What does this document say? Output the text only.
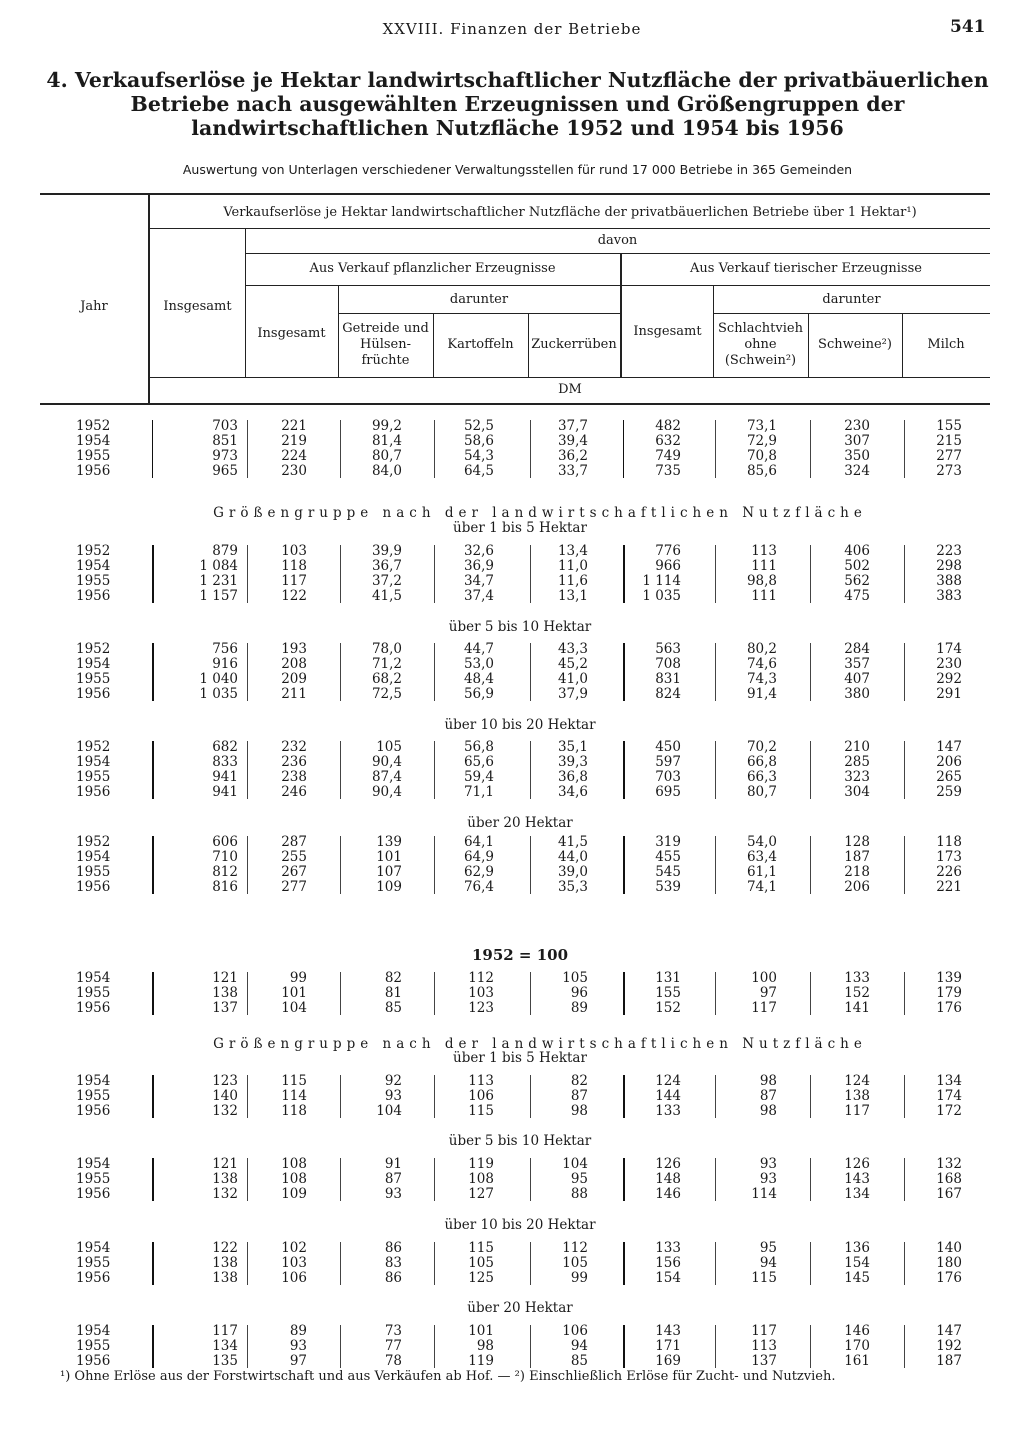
XXVIII. Finanzen der Betriebe	541
4. Verkaufserlöse je Hektar landwirtschaftlicher Nutzfläche der privatbäuerlichen Betriebe nach ausgewählten Erzeugnissen und Größengruppen der landwirtschaftlichen Nutzfläche 1952 und 1954 bis 1956
Auswertung von Unterlagen verschiedener Verwaltungsstellen für rund 17 000 Betriebe in 365 Gemeinden
Verkaufserlöse je Hektar landwirtschaftlicher Nutzfläche der privatbäuerlichen Betriebe über 1 Hektar¹)
Jahr	Insgesamt
davon
Aus Verkauf pflanzlicher Erzeugnisse	Aus Verkauf tierischer Erzeugnisse
darunter	darunter
Insgesamt	Getreide und Hülsen-früchte
Kartoffeln	Zuckerrüben
Insgesamt	Schlachtvieh ohne (Schwein²)
Schweine²)	Milch
DM
1952	703	221	99,2	52,5	37,7	482	73,1	230	155
1954	851	219	81,4	58,6	39,4	632	72,9	307	215
1955	973	224	80,7	54,3	36,2	749	70,8	350	277
1956	965	230	84,0	64,5	33,7	735	85,6	324	273
Größengruppe nach der landwirtschaftlichen Nutzfläche
über 1 bis 5 Hektar
1952	879	103	39,9	32,6	13,4	776	113	406	223
1954	1 084	118	36,7	36,9	11,0	966	111	502	298
1955	1 231	117	37,2	34,7	11,6	1 114	98,8	562	388
1956	1 157	122	41,5	37,4	13,1	1 035	111	475	383
über 5 bis 10 Hektar
1952	756	193	78,0	44,7	43,3	563	80,2	284	174
1954	916	208	71,2	53,0	45,2	708	74,6	357	230
1955	1 040	209	68,2	48,4	41,0	831	74,3	407	292
1956	1 035	211	72,5	56,9	37,9	824	91,4	380	291
über 10 bis 20 Hektar
1952	682	232	105	56,8	35,1	450	70,2	210	147
1954	833	236	90,4	65,6	39,3	597	66,8	285	206
1955	941	238	87,4	59,4	36,8	703	66,3	323	265
1956	941	246	90,4	71,1	34,6	695	80,7	304	259
über 20 Hektar
1952	606	287	139	64,1	41,5	319	54,0	128	118
1954	710	255	101	64,9	44,0	455	63,4	187	173
1955	812	267	107	62,9	39,0	545	61,1	218	226
1956	816	277	109	76,4	35,3	539	74,1	206	221
1952 = 100
1954	121	99	82	112	105	131	100	133	139
1955	138	101	81	103	96	155	97	152	179
1956	137	104	85	123	89	152	117	141	176
Größengruppe nach der landwirtschaftlichen Nutzfläche
über 1 bis 5 Hektar
1954	123	115	92	113	82	124	98	124	134
1955	140	114	93	106	87	144	87	138	174
1956	132	118	104	115	98	133	98	117	172
über 5 bis 10 Hektar
1954	121	108	91	119	104	126	93	126	132
1955	138	108	87	108	95	148	93	143	168
1956	132	109	93	127	88	146	114	134	167
über 10 bis 20 Hektar
1954	122	102	86	115	112	133	95	136	140
1955	138	103	83	105	105	156	94	154	180
1956	138	106	86	125	99	154	115	145	176
über 20 Hektar
1954	117	89	73	101	106	143	117	146	147
1955	134	93	77	98	94	171	113	170	192
1956	135	97	78	119	85	169	137	161	187
¹) Ohne Erlöse aus der Forstwirtschaft und aus Verkäufen ab Hof. — ²) Einschließlich Erlöse für Zucht- und Nutzvieh.
